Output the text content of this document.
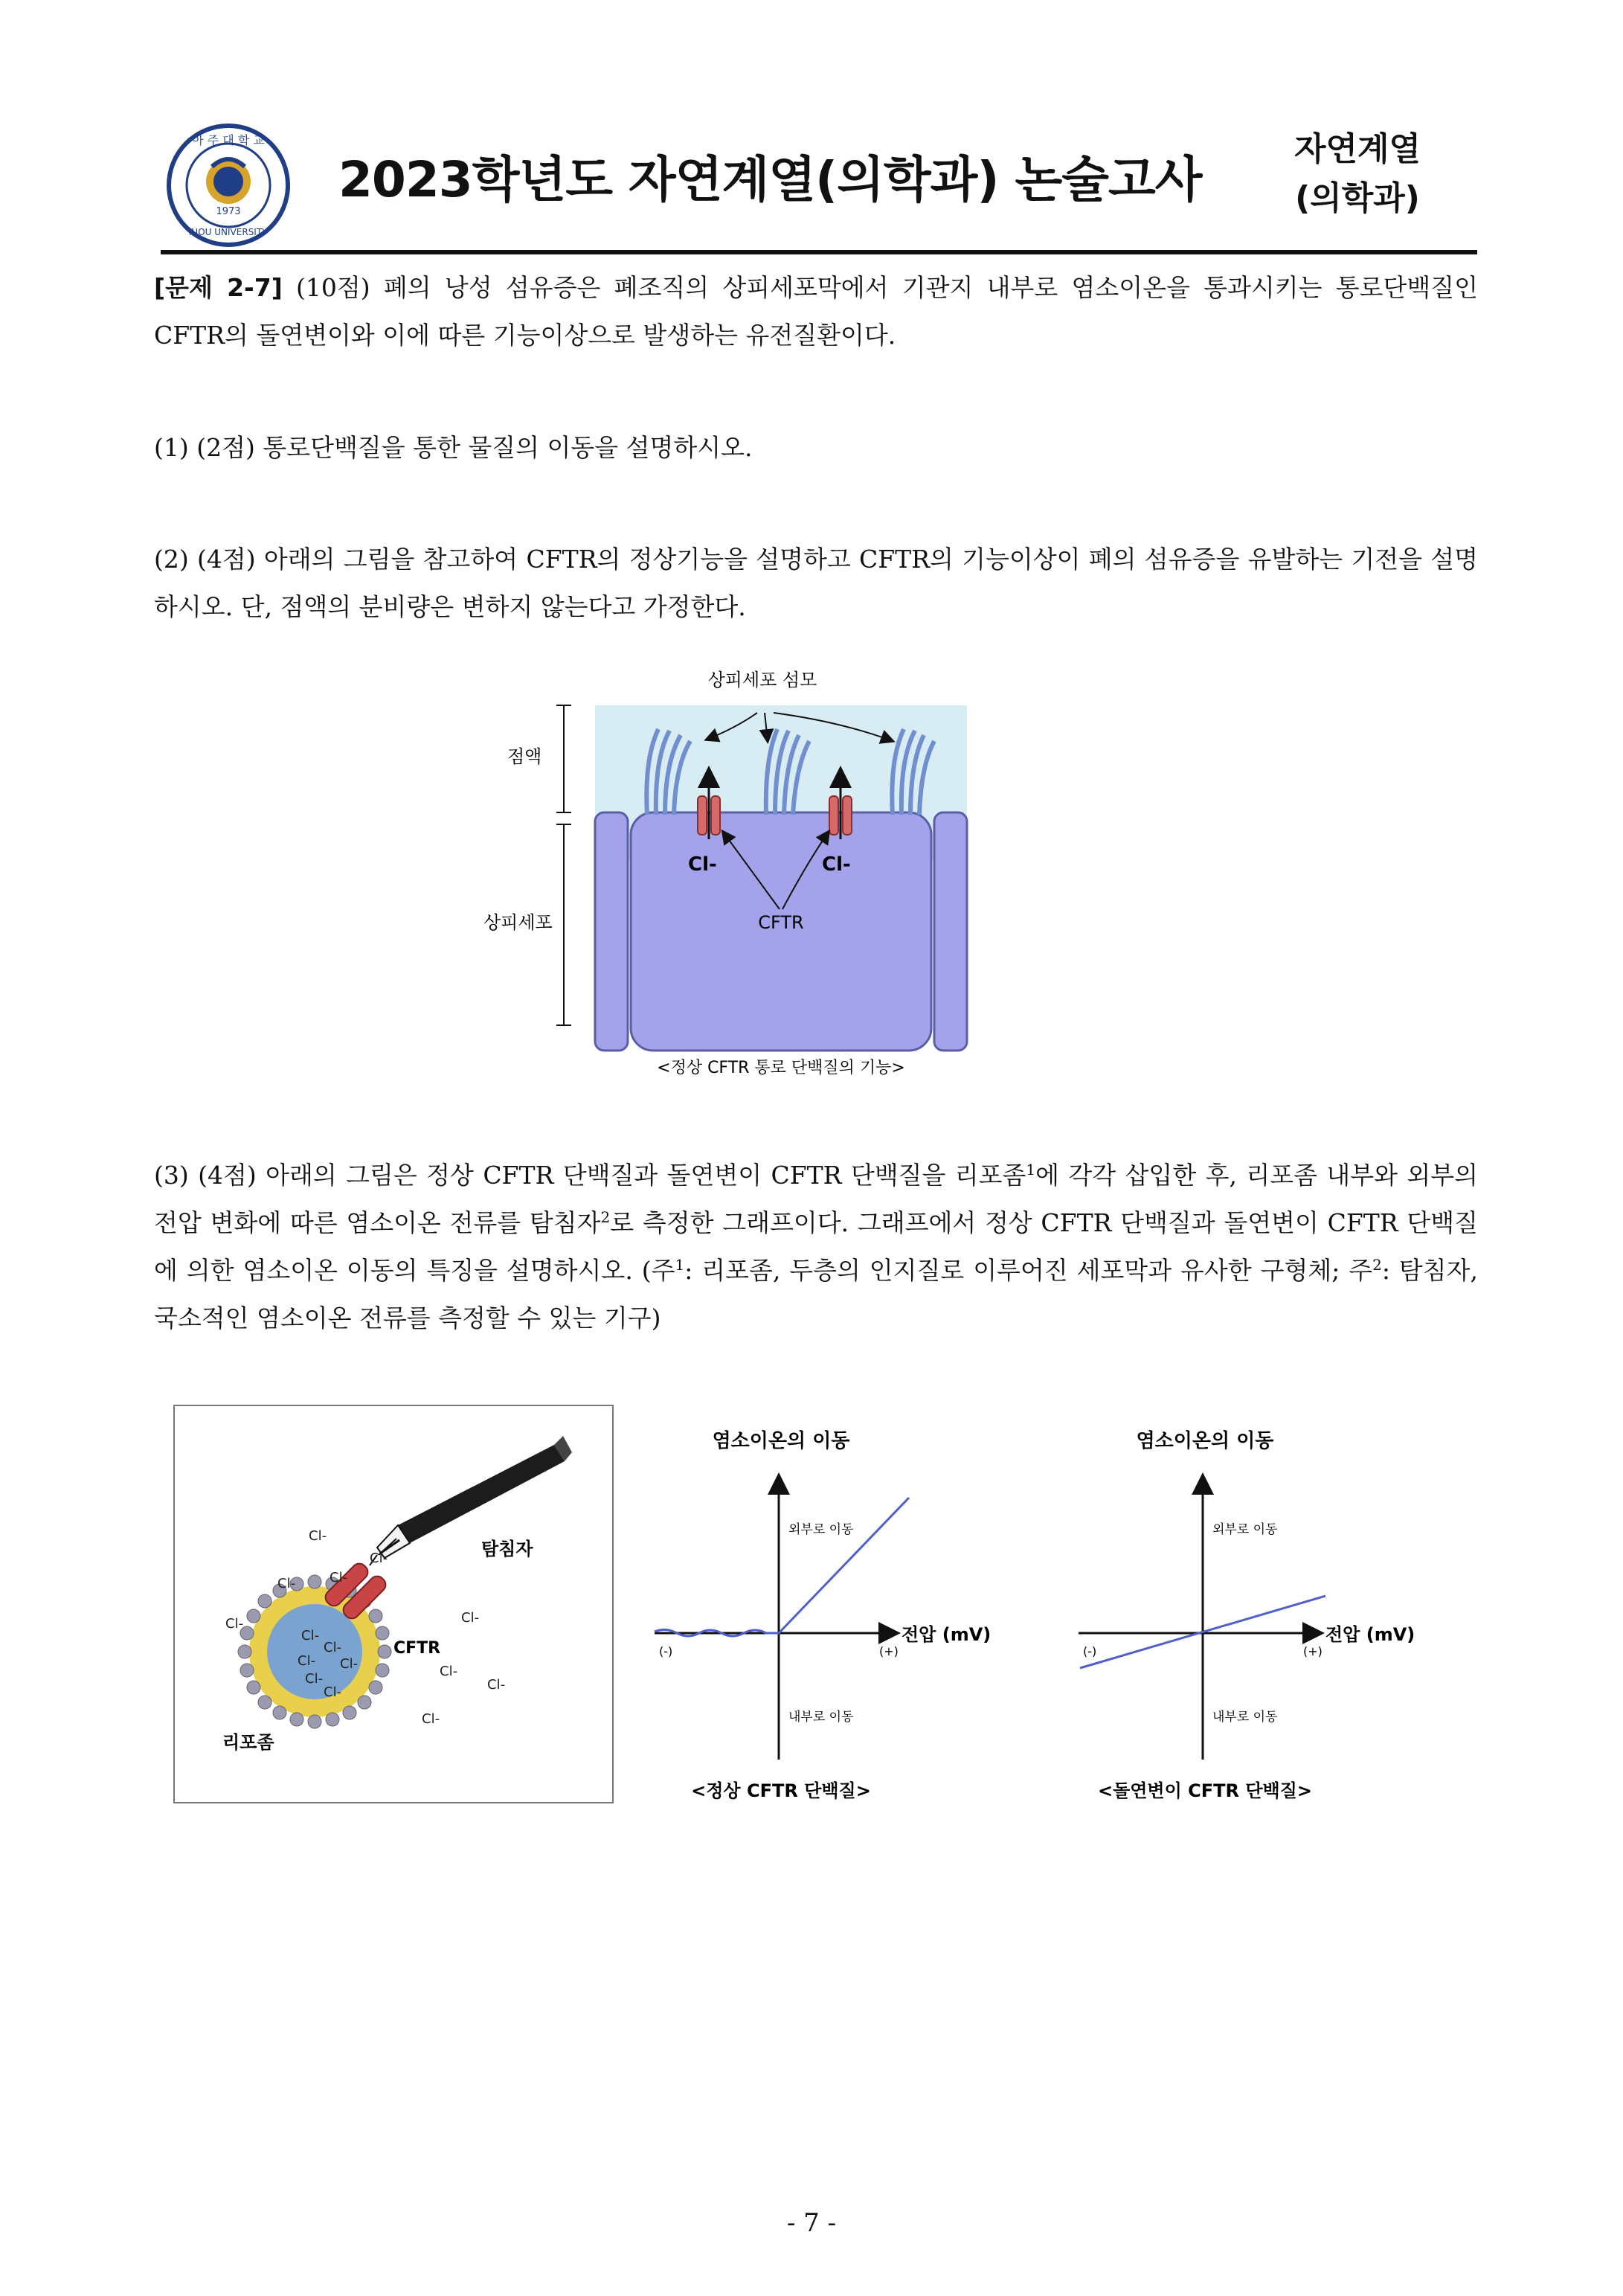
1973
아 주 대 학 교
AJOU UNIVERSITY
2023학년도 자연계열(의학과) 논술고사
자연계열
(의학과)
[문제 2-7] (10점) 폐의 낭성 섬유증은 폐조직의 상피세포막에서 기관지 내부로 염소이온을 통과시키는 통로단백질인 CFTR의 돌연변이와 이에 따른 기능이상으로 발생하는 유전질환이다.
(1) (2점) 통로단백질을 통한 물질의 이동을 설명하시오.
(2) (4점) 아래의 그림을 참고하여 CFTR의 정상기능을 설명하고 CFTR의 기능이상이 폐의 섬유증을 유발하는 기전을 설명하시오. 단, 점액의 분비량은 변하지 않는다고 가정한다.
상피세포 섬모
점액
상피세포
Cl-	Cl-
CFTR
<정상 CFTR 통로 단백질의 기능>
(3) (4점) 아래의 그림은 정상 CFTR 단백질과 돌연변이 CFTR 단백질을 리포좀$^1$에 각각 삽입한 후, 리포좀 내부와 외부의 전압 변화에 따른 염소이온 전류를 탐침자$^2$로 측정한 그래프이다. 그래프에서 정상 CFTR 단백질과 돌연변이 CFTR 단백질에 의한 염소이온 이동의 특징을 설명하시오. (주$^1$: 리포좀, 두층의 인지질로 이루어진 세포막과 유사한 구형체; 주$^2$: 탐침자, 국소적인 염소이온 전류를 측정할 수 있는 기구)
Cl-
Cl-
Cl-	Cl-
Cl-	Cl-
Cl-
Cl-
Cl-
Cl-
Cl-
Cl- Cl-
Cl-
Cl-
탐침자
CFTR
리포좀
염소이온의 이동
전압 (mV)
(-)	(+)
외부로 이동
내부로 이동
<정상 CFTR 단백질>
염소이온의 이동
전압 (mV)
(-)	(+)
외부로 이동
내부로 이동
<돌연변이 CFTR 단백질>
- 7 -
